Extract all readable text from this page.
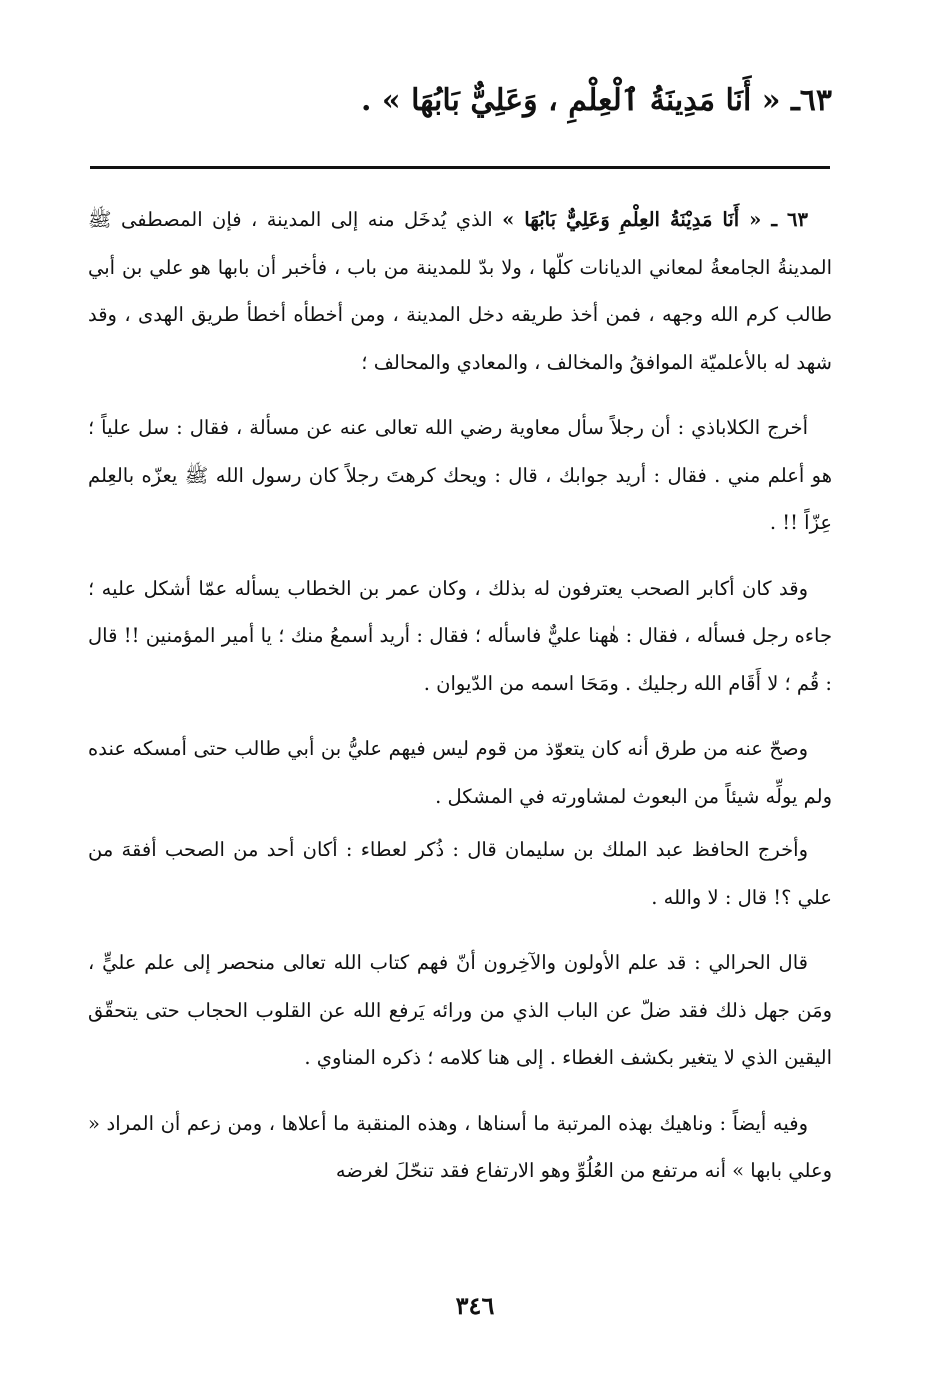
٦٣ـ « أَنَا مَدِينَةُ ٱلْعِلْمِ ، وَعَلِيٌّ بَابُهَا » .

٦٣ ـ « أَنَا مَدِيْنَةُ العِلْمِ وَعَلِيٌّ بَابُهَا » الذي يُدخَل منه إلى المدينة ، فإن المصطفى ﷺ المدينةُ الجامعةُ لمعاني الديانات كلّها ، ولا بدّ للمدينة من باب ، فأخبر أن بابها هو علي بن أبي طالب كرم الله وجهه ، فمن أخذ طريقه دخل المدينة ، ومن أخطأه أخطأ طريق الهدى ، وقد شهد له بالأعلميّة الموافقُ والمخالف ، والمعادي والمحالف ؛

أخرج الكلاباذي : أن رجلاً سأل معاوية رضي الله تعالى عنه عن مسألة ، فقال : سل علياً ؛ هو أعلم مني . فقال : أريد جوابك ، قال : ويحك كرهتَ رجلاً كان رسول الله ﷺ يعزّه بالعِلم عِزّاً !! .

وقد كان أكابر الصحب يعترفون له بذلك ، وكان عمر بن الخطاب يسأله عمّا أشكل عليه ؛ جاءه رجل فسأله ، فقال : هٰهنا عليٌّ فاسأله ؛ فقال : أريد أسمعُ منك ؛ يا أمير المؤمنين !! قال : قُم ؛ لا أَقَام الله رجليك . ومَحَا اسمه من الدّيوان .

وصحّ عنه من طرق أنه كان يتعوّذ من قوم ليس فيهم عليُّ بن أبي طالب حتى أمسكه عنده ولم يولِّه شيئاً من البعوث لمشاورته في المشكل .

وأخرج الحافظ عبد الملك بن سليمان قال : ذُكر لعطاء : أكان أحد من الصحب أفقهَ من علي ؟! قال : لا والله .

قال الحرالي : قد علم الأولون والآخِرون أنّ فهم كتاب الله تعالى منحصر إلى علم عليٍّ ، ومَن جهل ذلك فقد ضلّ عن الباب الذي من ورائه يَرفع الله عن القلوب الحجاب حتى يتحقّق اليقين الذي لا يتغير بكشف الغطاء . إلى هنا كلامه ؛ ذكره المناوي .

وفيه أيضاً : وناهيك بهذه المرتبة ما أسناها ، وهذه المنقبة ما أعلاها ، ومن زعم أن المراد « وعلي بابها » أنه مرتفع من العُلُوِّ وهو الارتفاع فقد تنحّلَ لغرضه

٣٤٦
